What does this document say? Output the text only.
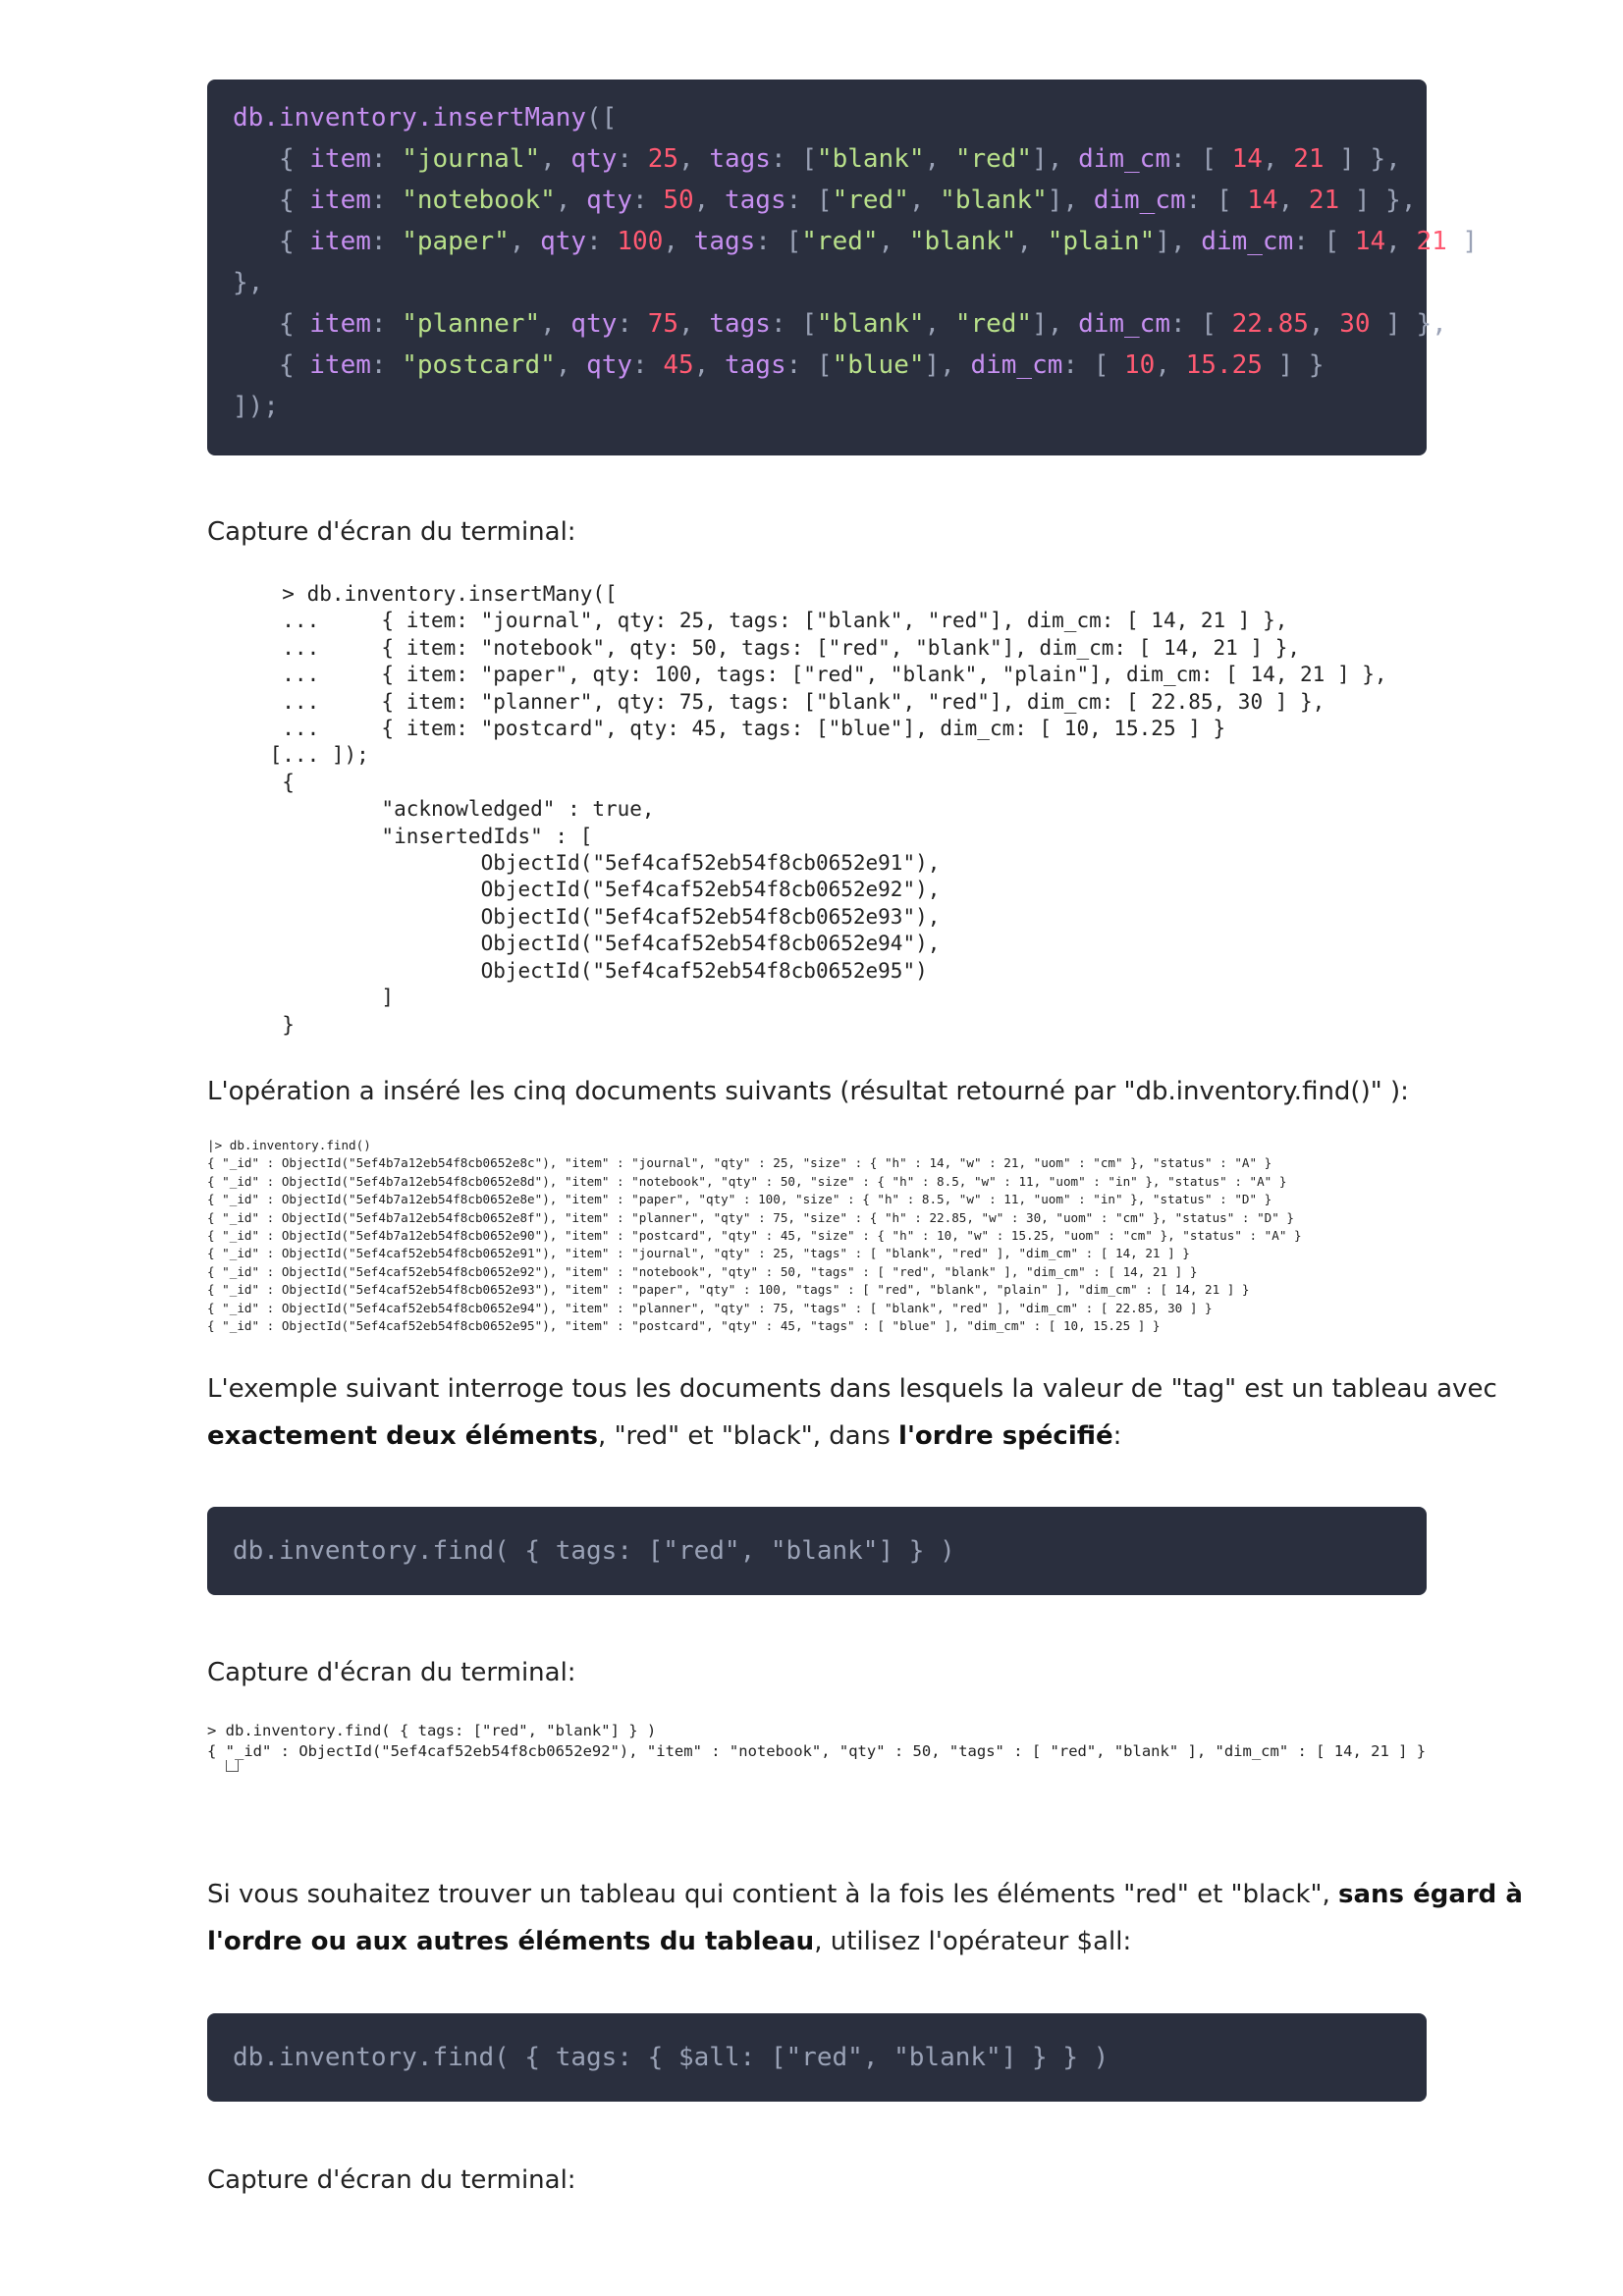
db.inventory.insertMany([
{ item: "journal", qty: 25, tags: ["blank", "red"], dim_cm: [ 14, 21 ] },
{ item: "notebook", qty: 50, tags: ["red", "blank"], dim_cm: [ 14, 21 ] },
{ item: "paper", qty: 100, tags: ["red", "blank", "plain"], dim_cm: [ 14, 21 ]
},
{ item: "planner", qty: 75, tags: ["blank", "red"], dim_cm: [ 22.85, 30 ] },
{ item: "postcard", qty: 45, tags: ["blue"], dim_cm: [ 10, 15.25 ] }
]);
Capture d'écran du terminal:
> db.inventory.insertMany([
...     { item: "journal", qty: 25, tags: ["blank", "red"], dim_cm: [ 14, 21 ] },
...     { item: "notebook", qty: 50, tags: ["red", "blank"], dim_cm: [ 14, 21 ] },
...     { item: "paper", qty: 100, tags: ["red", "blank", "plain"], dim_cm: [ 14, 21 ] },
...     { item: "planner", qty: 75, tags: ["blank", "red"], dim_cm: [ 22.85, 30 ] },
...     { item: "postcard", qty: 45, tags: ["blue"], dim_cm: [ 10, 15.25 ] }
[... ]);
{
"acknowledged" : true,
"insertedIds" : [
ObjectId("5ef4caf52eb54f8cb0652e91"),
ObjectId("5ef4caf52eb54f8cb0652e92"),
ObjectId("5ef4caf52eb54f8cb0652e93"),
ObjectId("5ef4caf52eb54f8cb0652e94"),
ObjectId("5ef4caf52eb54f8cb0652e95")
]
}
L'opération a inséré les cinq documents suivants (résultat retourné par "db.inventory.find()" ):
|> db.inventory.find()
{ "_id" : ObjectId("5ef4b7a12eb54f8cb0652e8c"), "item" : "journal", "qty" : 25, "size" : { "h" : 14, "w" : 21, "uom" : "cm" }, "status" : "A" }
{ "_id" : ObjectId("5ef4b7a12eb54f8cb0652e8d"), "item" : "notebook", "qty" : 50, "size" : { "h" : 8.5, "w" : 11, "uom" : "in" }, "status" : "A" }
{ "_id" : ObjectId("5ef4b7a12eb54f8cb0652e8e"), "item" : "paper", "qty" : 100, "size" : { "h" : 8.5, "w" : 11, "uom" : "in" }, "status" : "D" }
{ "_id" : ObjectId("5ef4b7a12eb54f8cb0652e8f"), "item" : "planner", "qty" : 75, "size" : { "h" : 22.85, "w" : 30, "uom" : "cm" }, "status" : "D" }
{ "_id" : ObjectId("5ef4b7a12eb54f8cb0652e90"), "item" : "postcard", "qty" : 45, "size" : { "h" : 10, "w" : 15.25, "uom" : "cm" }, "status" : "A" }
{ "_id" : ObjectId("5ef4caf52eb54f8cb0652e91"), "item" : "journal", "qty" : 25, "tags" : [ "blank", "red" ], "dim_cm" : [ 14, 21 ] }
{ "_id" : ObjectId("5ef4caf52eb54f8cb0652e92"), "item" : "notebook", "qty" : 50, "tags" : [ "red", "blank" ], "dim_cm" : [ 14, 21 ] }
{ "_id" : ObjectId("5ef4caf52eb54f8cb0652e93"), "item" : "paper", "qty" : 100, "tags" : [ "red", "blank", "plain" ], "dim_cm" : [ 14, 21 ] }
{ "_id" : ObjectId("5ef4caf52eb54f8cb0652e94"), "item" : "planner", "qty" : 75, "tags" : [ "blank", "red" ], "dim_cm" : [ 22.85, 30 ] }
{ "_id" : ObjectId("5ef4caf52eb54f8cb0652e95"), "item" : "postcard", "qty" : 45, "tags" : [ "blue" ], "dim_cm" : [ 10, 15.25 ] }
L'exemple suivant interroge tous les documents dans lesquels la valeur de "tag" est un tableau avec
exactement deux éléments, "red" et "black", dans l'ordre spécifié:
db.inventory.find( { tags: ["red", "blank"] } )
Capture d'écran du terminal:
> db.inventory.find( { tags: ["red", "blank"] } )
{ "_id" : ObjectId("5ef4caf52eb54f8cb0652e92"), "item" : "notebook", "qty" : 50, "tags" : [ "red", "blank" ], "dim_cm" : [ 14, 21 ] }
Si vous souhaitez trouver un tableau qui contient à la fois les éléments "red" et "black", sans égard à
l'ordre ou aux autres éléments du tableau, utilisez l'opérateur $all:
db.inventory.find( { tags: { $all: ["red", "blank"] } } )
Capture d'écran du terminal:
